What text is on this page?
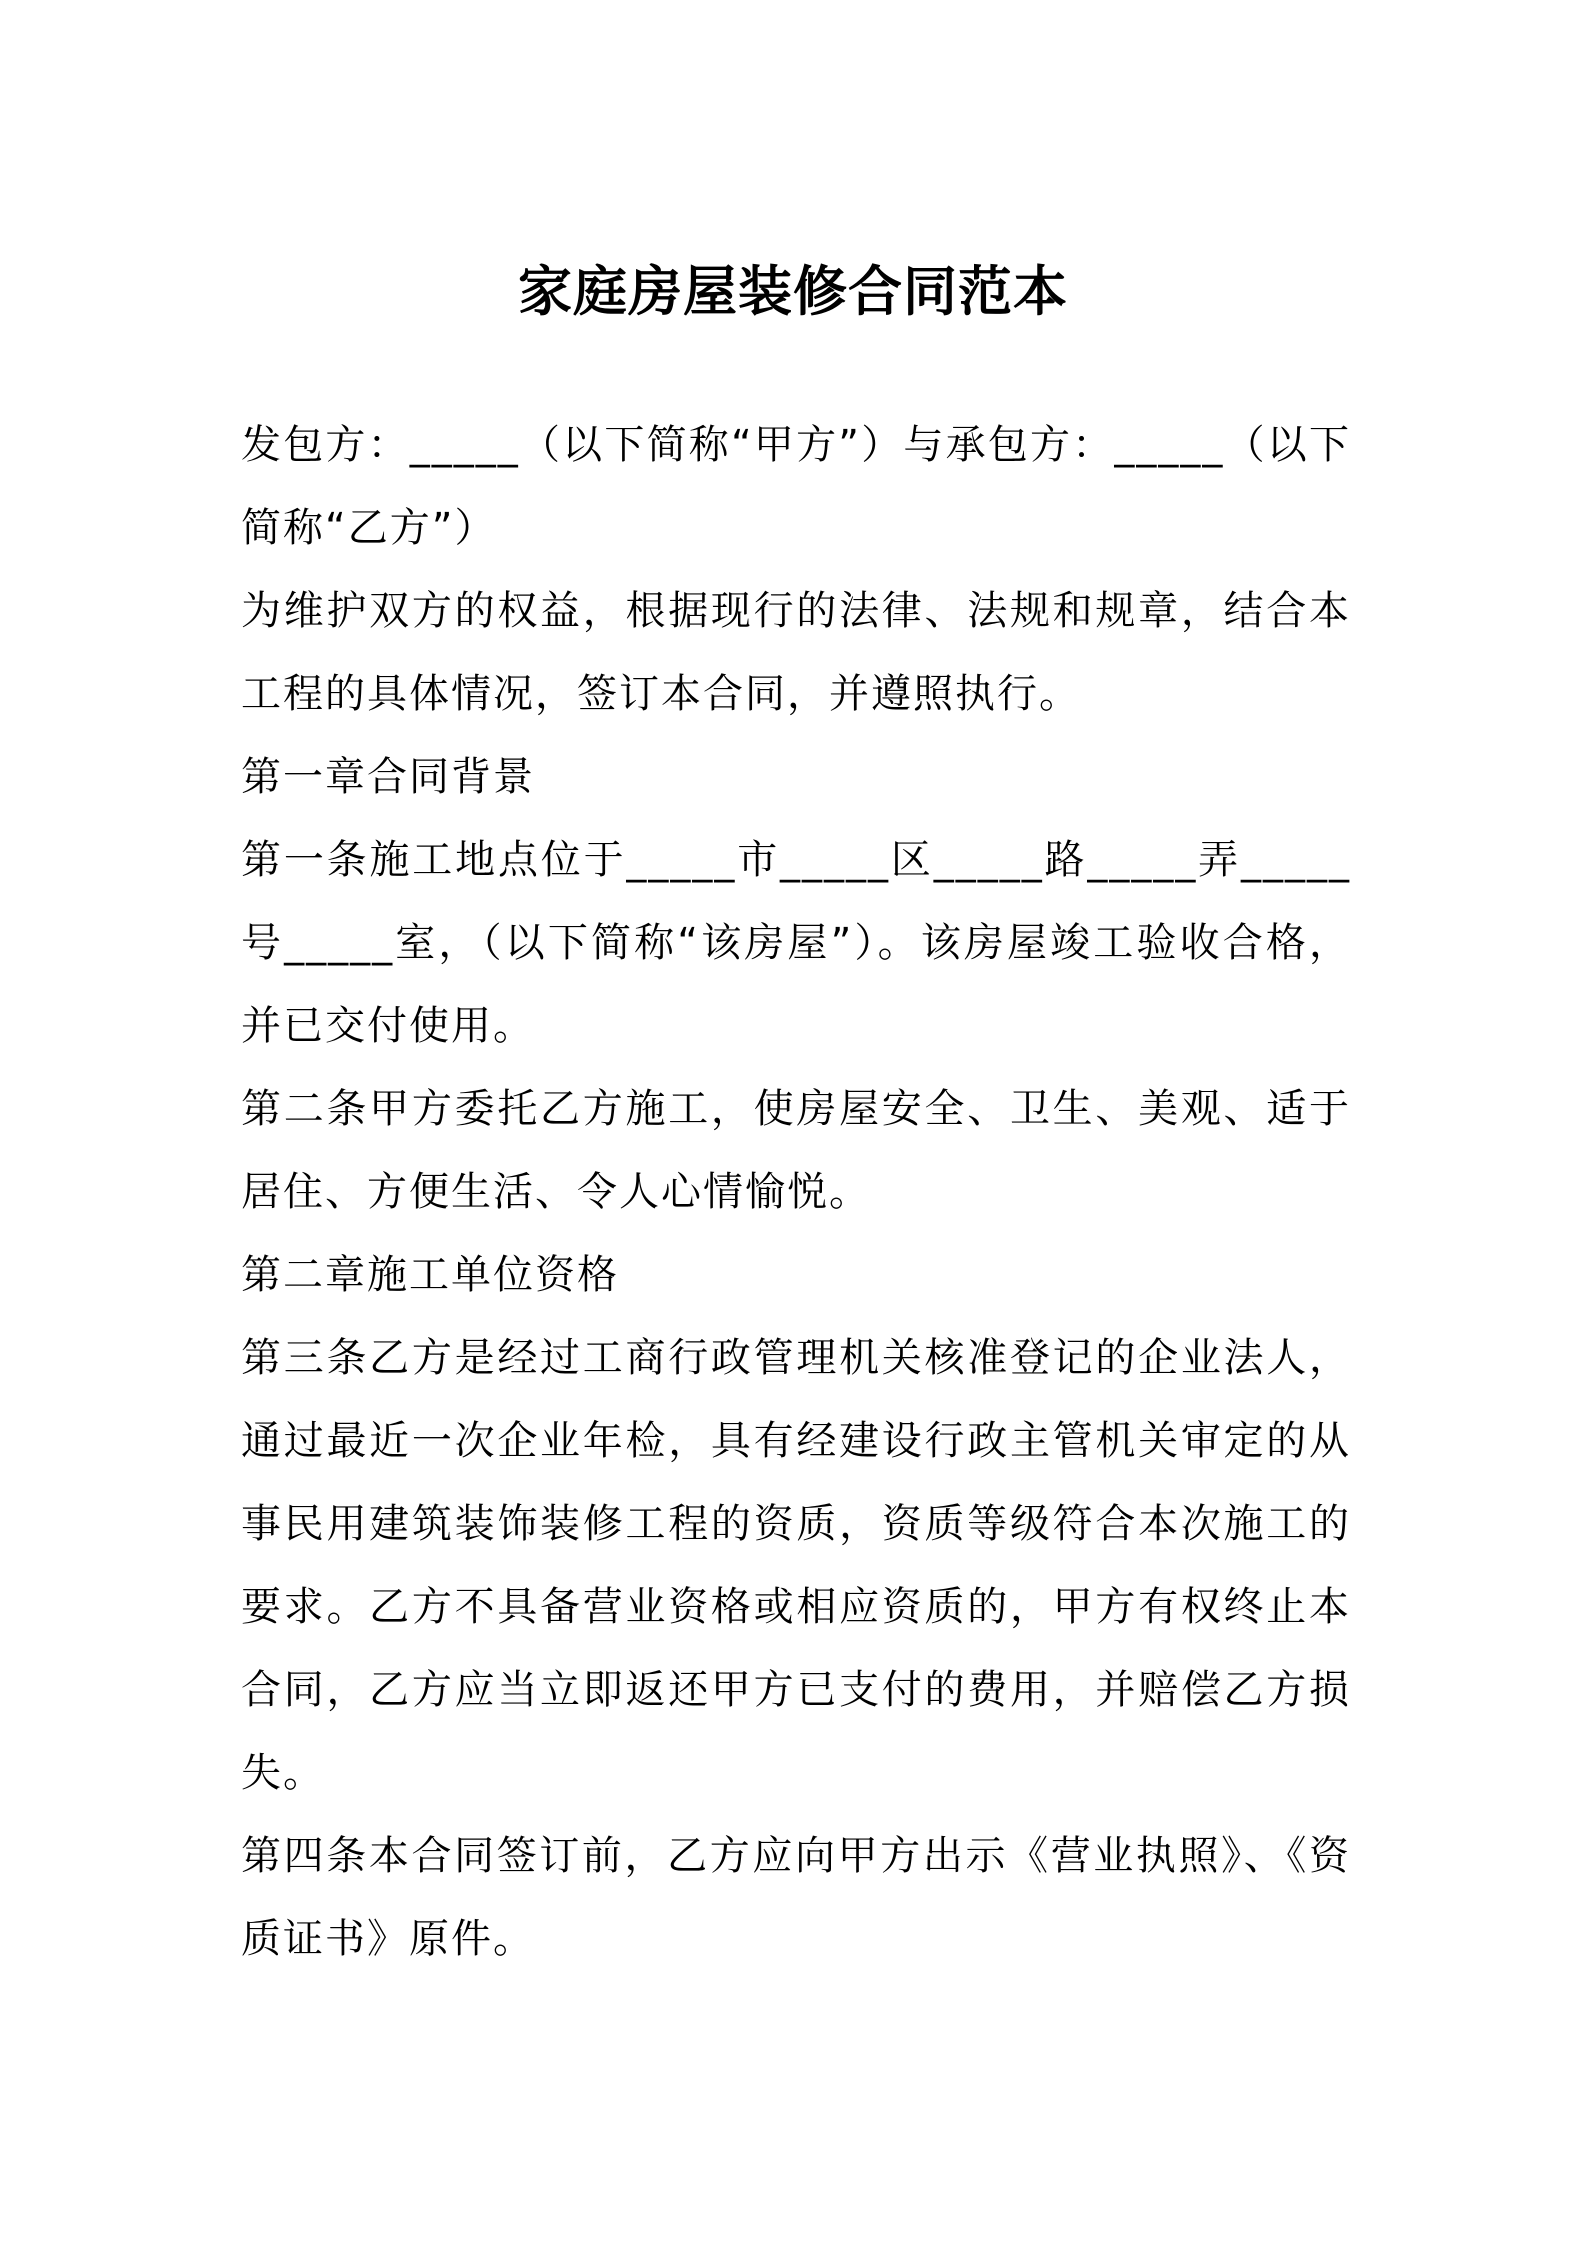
家庭房屋装修合同范本

发包方：_____（以下简称“甲方”）与承包方：_____（以下简称“乙方”）

为维护双方的权益，根据现行的法律、法规和规章，结合本工程的具体情况，签订本合同，并遵照执行。

第一章合同背景

第一条施工地点位于_____市_____区_____路_____弄_____号_____室，（以下简称“该房屋”）。该房屋竣工验收合格，并已交付使用。

第二条甲方委托乙方施工，使房屋安全、卫生、美观、适于居住、方便生活、令人心情愉悦。

第二章施工单位资格

第三条乙方是经过工商行政管理机关核准登记的企业法人，通过最近一次企业年检，具有经建设行政主管机关审定的从事民用建筑装饰装修工程的资质，资质等级符合本次施工的要求。乙方不具备营业资格或相应资质的，甲方有权终止本合同，乙方应当立即返还甲方已支付的费用，并赔偿乙方损失。

第四条本合同签订前，乙方应向甲方出示《营业执照》、《资质证书》原件。
